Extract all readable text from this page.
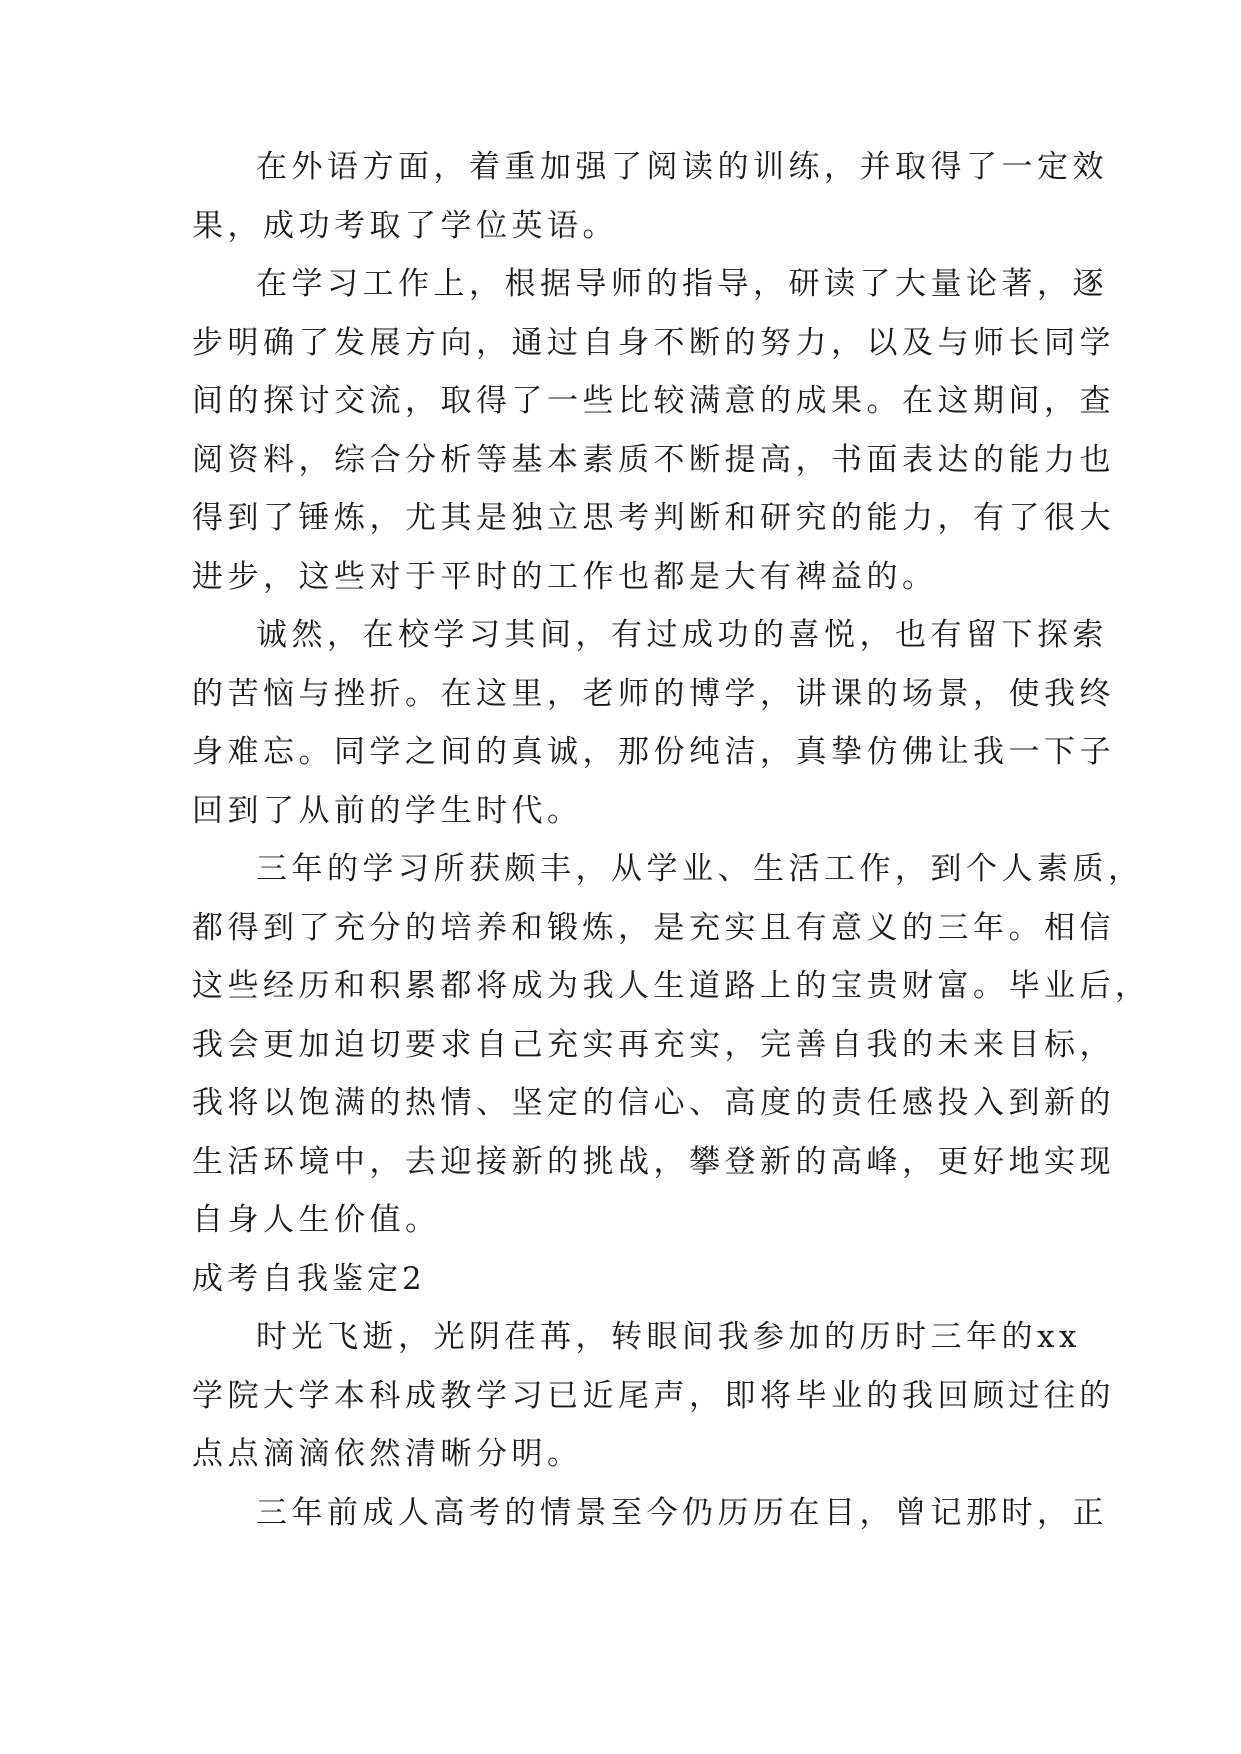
在外语方面，着重加强了阅读的训练，并取得了一定效
果，成功考取了学位英语。
在学习工作上，根据导师的指导，研读了大量论著，逐
步明确了发展方向，通过自身不断的努力，以及与师长同学
间的探讨交流，取得了一些比较满意的成果。在这期间，查
阅资料，综合分析等基本素质不断提高，书面表达的能力也
得到了锤炼，尤其是独立思考判断和研究的能力，有了很大
进步，这些对于平时的工作也都是大有裨益的。
诚然，在校学习其间，有过成功的喜悦，也有留下探索
的苦恼与挫折。在这里，老师的博学，讲课的场景，使我终
身难忘。同学之间的真诚，那份纯洁，真挚仿佛让我一下子
回到了从前的学生时代。
三年的学习所获颇丰，从学业、生活工作，到个人素质，
都得到了充分的培养和锻炼，是充实且有意义的三年。相信
这些经历和积累都将成为我人生道路上的宝贵财富。毕业后，
我会更加迫切要求自己充实再充实，完善自我的未来目标，
我将以饱满的热情、坚定的信心、高度的责任感投入到新的
生活环境中，去迎接新的挑战，攀登新的高峰，更好地实现
自身人生价值。
成考自我鉴定2
时光飞逝，光阴荏苒，转眼间我参加的历时三年的xx
学院大学本科成教学习已近尾声，即将毕业的我回顾过往的
点点滴滴依然清晰分明。
三年前成人高考的情景至今仍历历在目，曾记那时，正
